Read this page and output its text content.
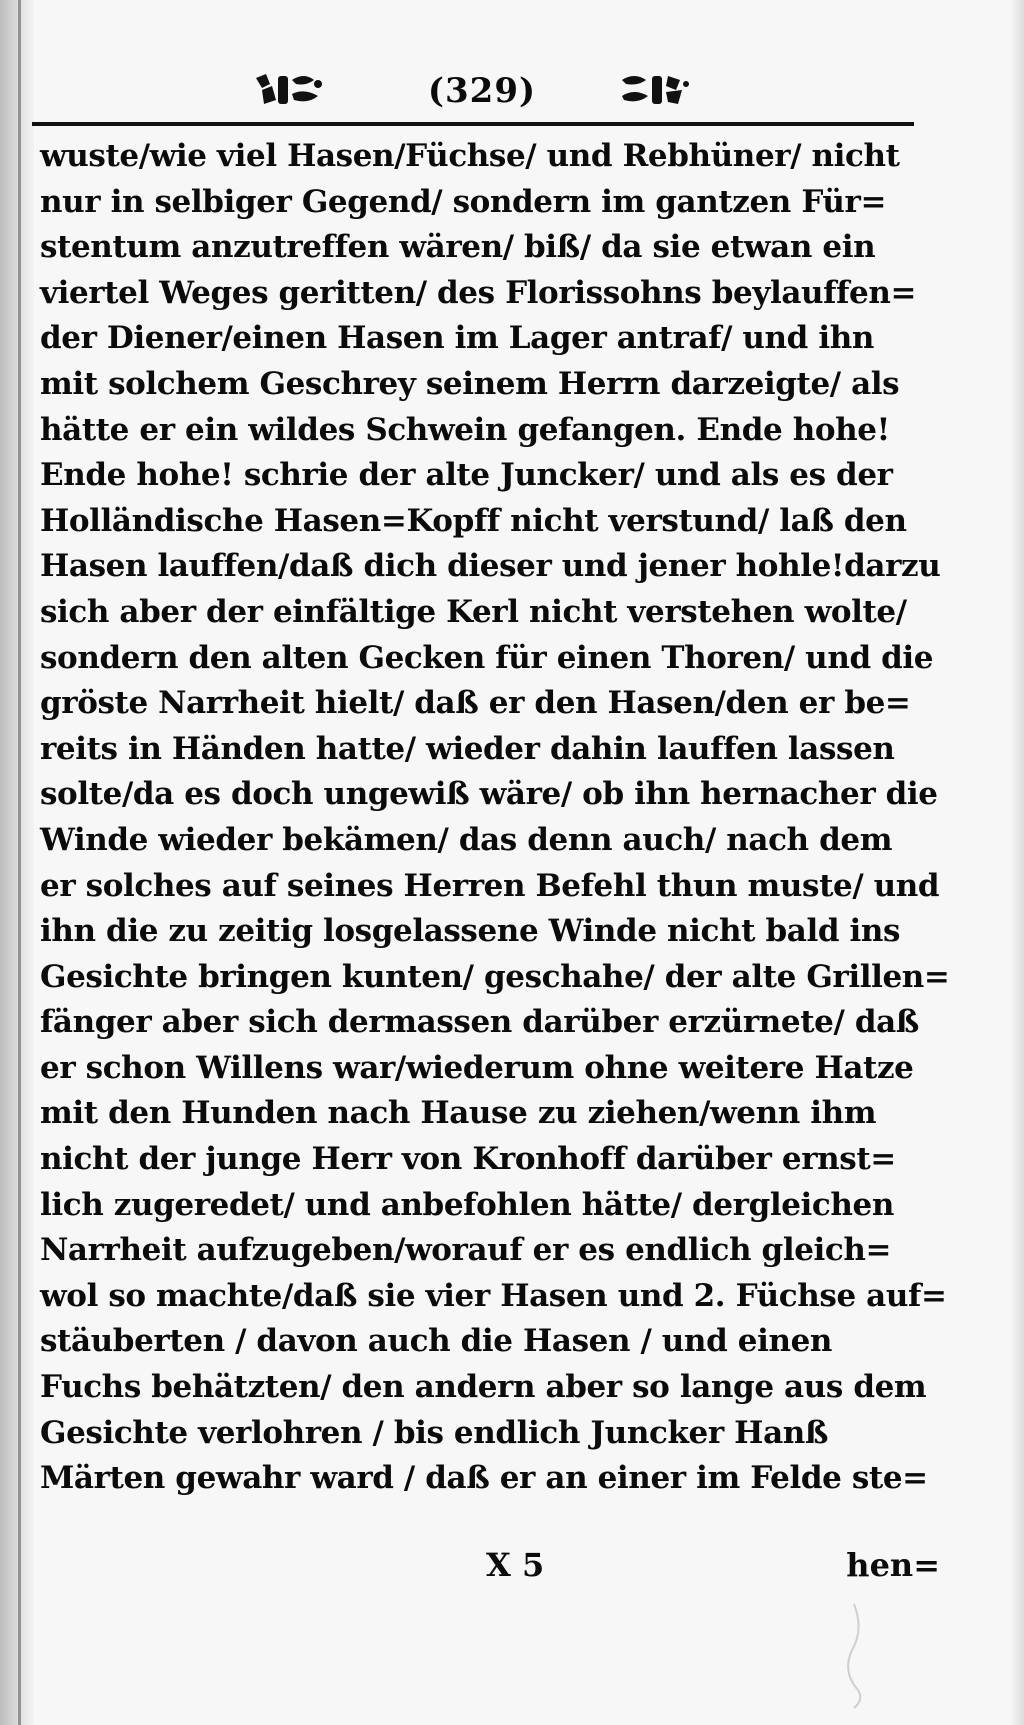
(329)
wuste/wie viel Hasen/Füchse/ und Rebhüner/ nicht
nur in selbiger Gegend/ sondern im gantzen Für=
stentum anzutreffen wären/ biß/ da sie etwan ein
viertel Weges geritten/ des Florissohns beylauffen=
der Diener/einen Hasen im Lager antraf/ und ihn
mit solchem Geschrey seinem Herrn darzeigte/ als
hätte er ein wildes Schwein gefangen. Ende hohe!
Ende hohe! schrie der alte Juncker/ und als es der
Holländische Hasen=Kopff nicht verstund/ laß den
Hasen lauffen/daß dich dieser und jener hohle!darzu
sich aber der einfältige Kerl nicht verstehen wolte/
sondern den alten Gecken für einen Thoren/ und die
gröste Narrheit hielt/ daß er den Hasen/den er be=
reits in Händen hatte/ wieder dahin lauffen lassen
solte/da es doch ungewiß wäre/ ob ihn hernacher die
Winde wieder bekämen/ das denn auch/ nach dem
er solches auf seines Herren Befehl thun muste/ und
ihn die zu zeitig losgelassene Winde nicht bald ins
Gesichte bringen kunten/ geschahe/ der alte Grillen=
fänger aber sich dermassen darüber erzürnete/ daß
er schon Willens war/wiederum ohne weitere Hatze
mit den Hunden nach Hause zu ziehen/wenn ihm
nicht der junge Herr von Kronhoff darüber ernst=
lich zugeredet/ und anbefohlen hätte/ dergleichen
Narrheit aufzugeben/worauf er es endlich gleich=
wol so machte/daß sie vier Hasen und 2. Füchse auf=
stäuberten / davon auch die Hasen / und einen
Fuchs behätzten/ den andern aber so lange aus dem
Gesichte verlohren / bis endlich Juncker Hanß
Märten gewahr ward / daß er an einer im Felde ste=
X 5	hen=
